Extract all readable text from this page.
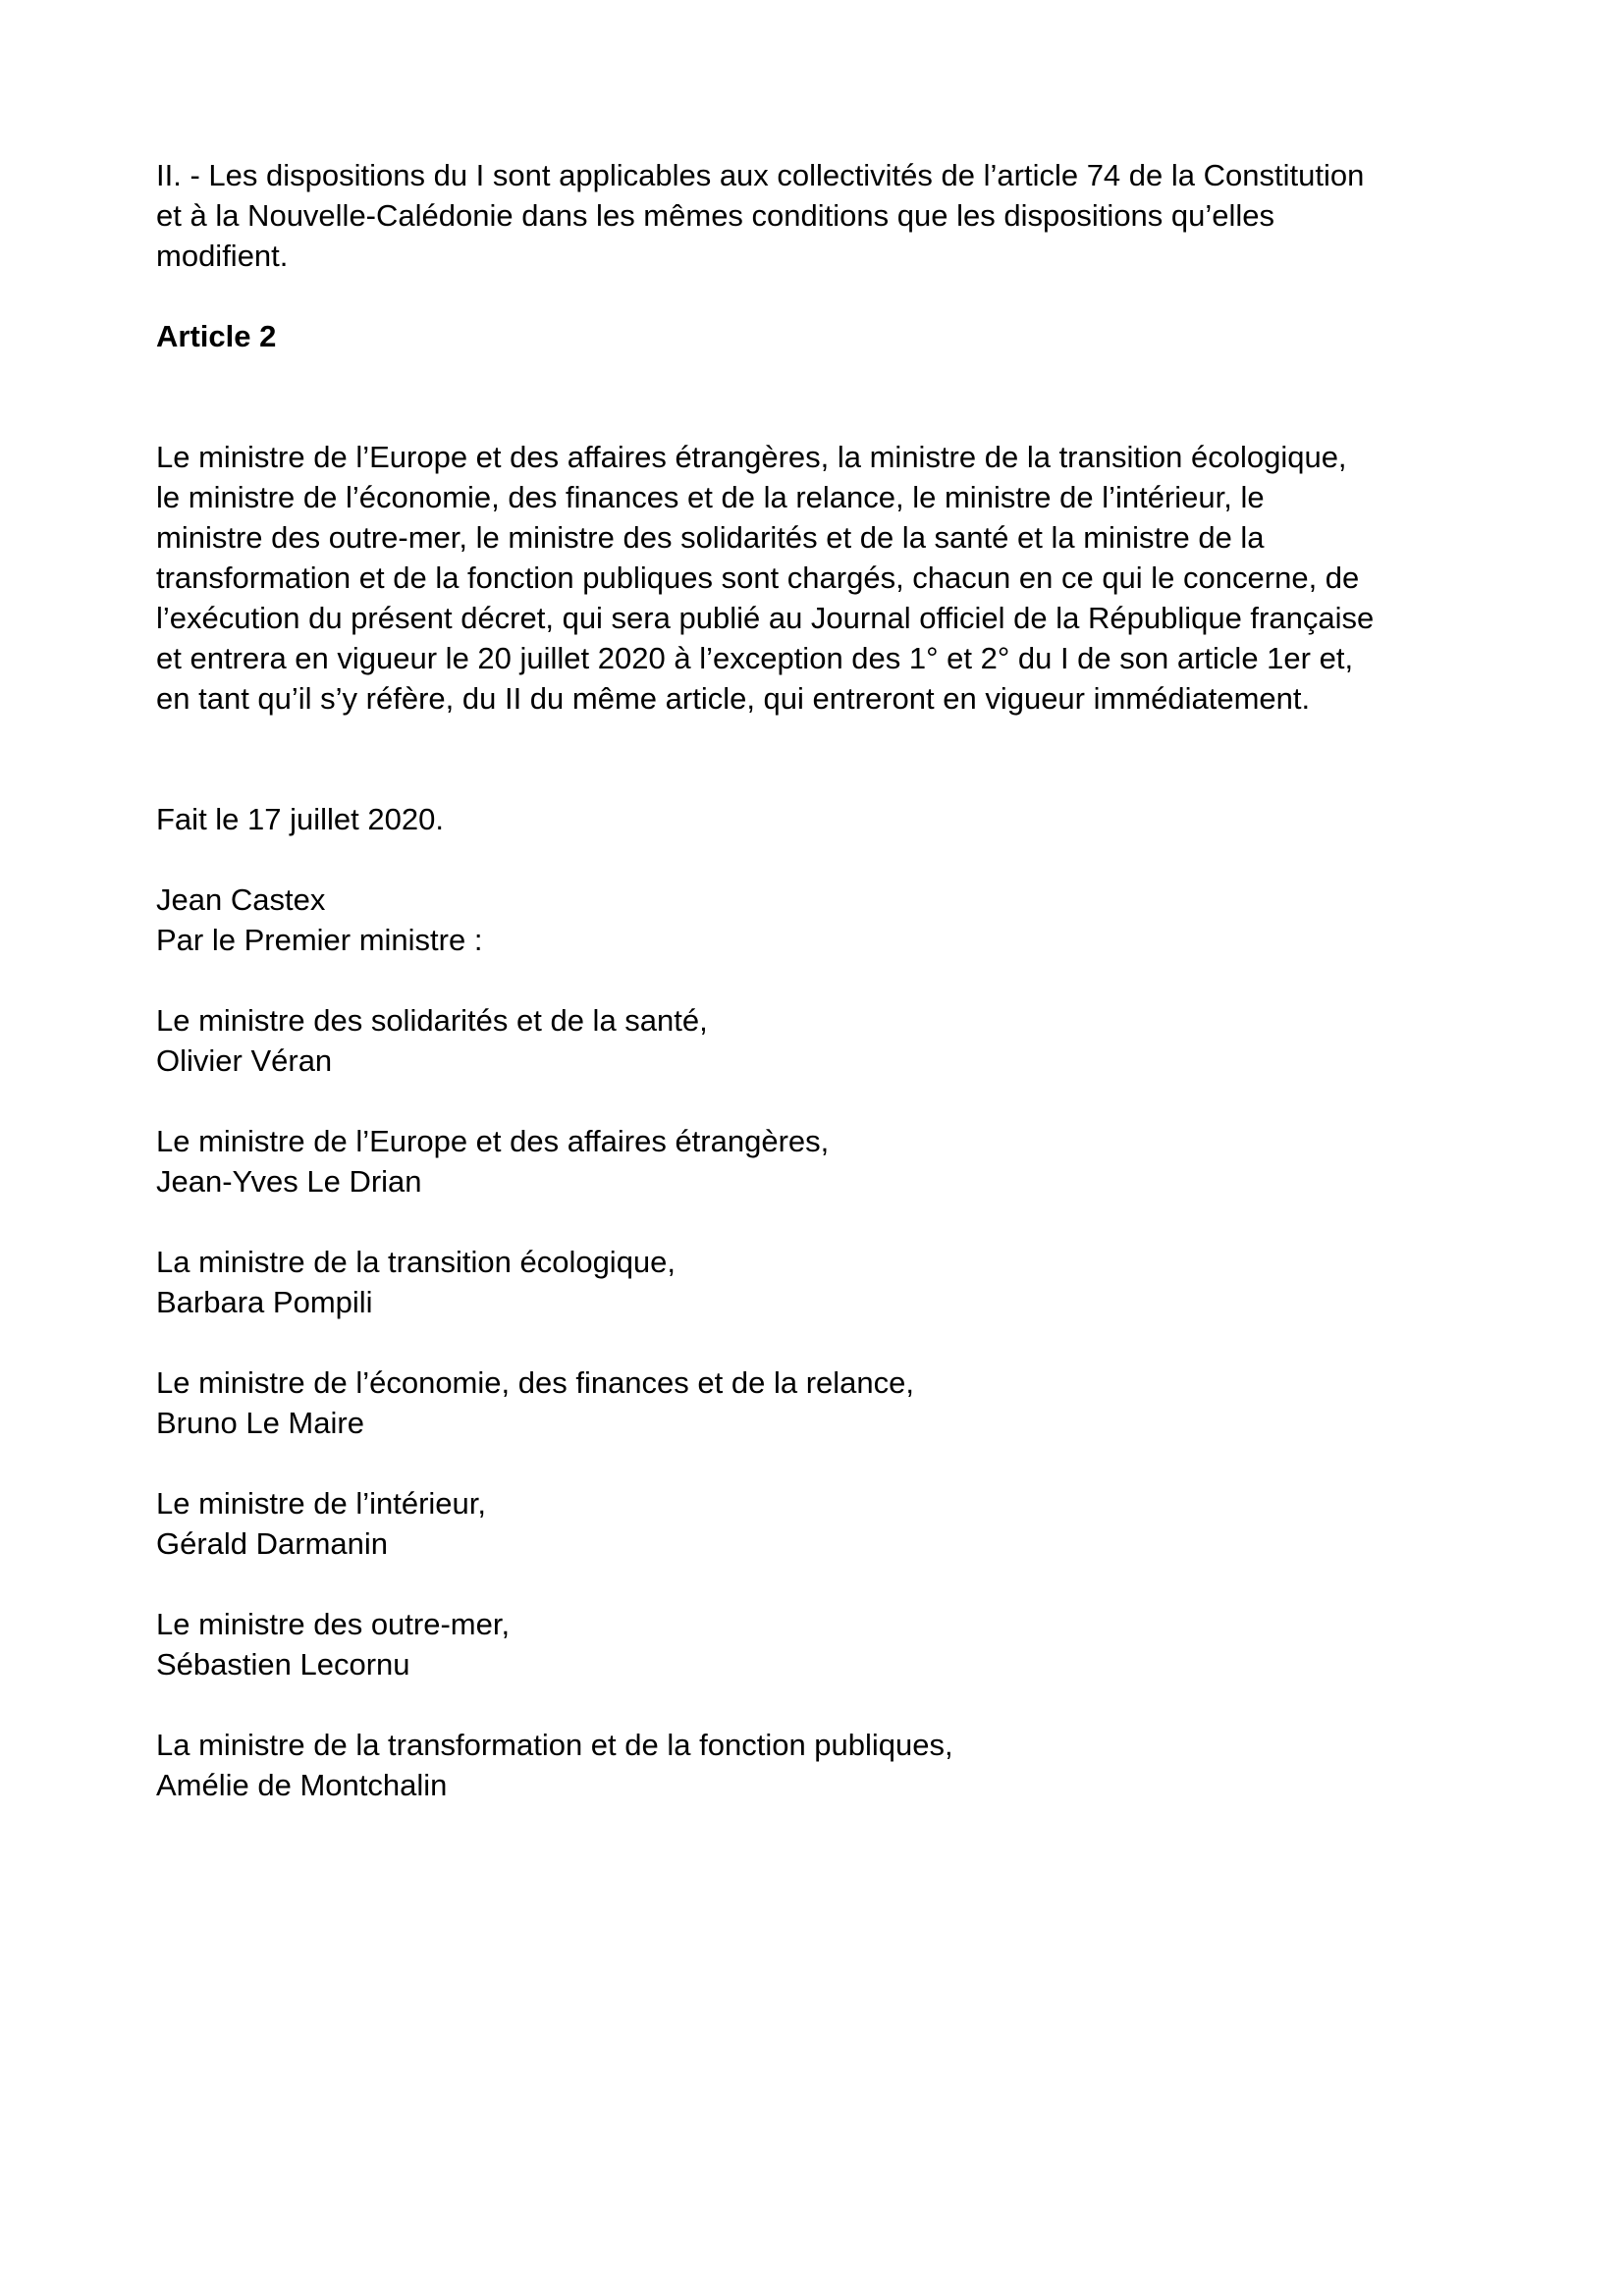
II. - Les dispositions du I sont applicables aux collectivités de l’article 74 de la Constitution
et à la Nouvelle-Calédonie dans les mêmes conditions que les dispositions qu’elles
modifient.

Article 2

Le ministre de l’Europe et des affaires étrangères, la ministre de la transition écologique,
le ministre de l’économie, des finances et de la relance, le ministre de l’intérieur, le
ministre des outre-mer, le ministre des solidarités et de la santé et la ministre de la
transformation et de la fonction publiques sont chargés, chacun en ce qui le concerne, de
l’exécution du présent décret, qui sera publié au Journal officiel de la République française
et entrera en vigueur le 20 juillet 2020 à l’exception des 1° et 2° du I de son article 1er et,
en tant qu’il s’y réfère, du II du même article, qui entreront en vigueur immédiatement.

Fait le 17 juillet 2020.

Jean Castex
Par le Premier ministre :

Le ministre des solidarités et de la santé,
Olivier Véran

Le ministre de l’Europe et des affaires étrangères,
Jean-Yves Le Drian

La ministre de la transition écologique,
Barbara Pompili

Le ministre de l’économie, des finances et de la relance,
Bruno Le Maire

Le ministre de l’intérieur,
Gérald Darmanin

Le ministre des outre-mer,
Sébastien Lecornu

La ministre de la transformation et de la fonction publiques,
Amélie de Montchalin
